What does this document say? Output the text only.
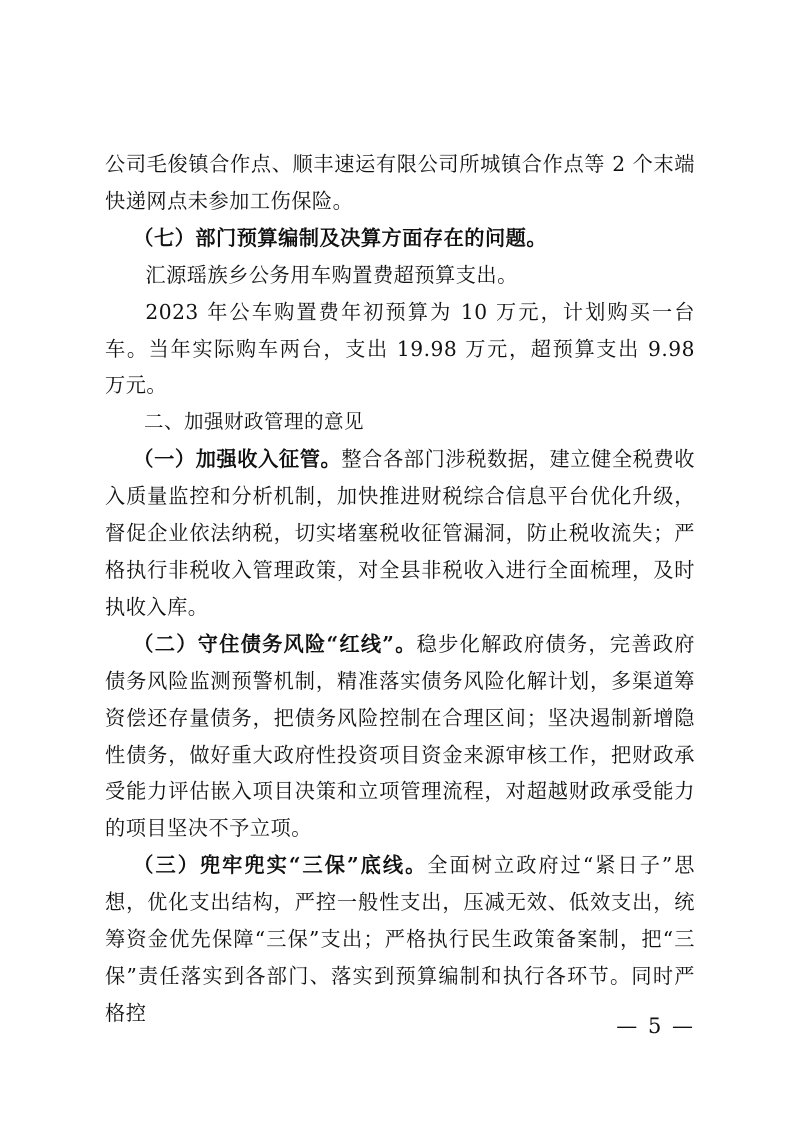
公司毛俊镇合作点、顺丰速运有限公司所城镇合作点等 2 个末端快递网点未参加工伤保险。

（七）部门预算编制及决算方面存在的问题。

汇源瑶族乡公务用车购置费超预算支出。

2023 年公车购置费年初预算为 10 万元，计划购买一台车。当年实际购车两台，支出 19.98 万元，超预算支出 9.98 万元。

二、加强财政管理的意见

（一）加强收入征管。整合各部门涉税数据，建立健全税费收入质量监控和分析机制，加快推进财税综合信息平台优化升级，督促企业依法纳税，切实堵塞税收征管漏洞，防止税收流失；严格执行非税收入管理政策，对全县非税收入进行全面梳理，及时执收入库。

（二）守住债务风险“红线”。稳步化解政府债务，完善政府债务风险监测预警机制，精准落实债务风险化解计划，多渠道筹资偿还存量债务，把债务风险控制在合理区间；坚决遏制新增隐性债务，做好重大政府性投资项目资金来源审核工作，把财政承受能力评估嵌入项目决策和立项管理流程，对超越财政承受能力的项目坚决不予立项。

（三）兜牢兜实“三保”底线。全面树立政府过“紧日子”思想，优化支出结构，严控一般性支出，压减无效、低效支出，统筹资金优先保障“三保”支出；严格执行民生政策备案制，把“三保”责任落实到各部门、落实到预算编制和执行各环节。同时严格控

— 5 —
